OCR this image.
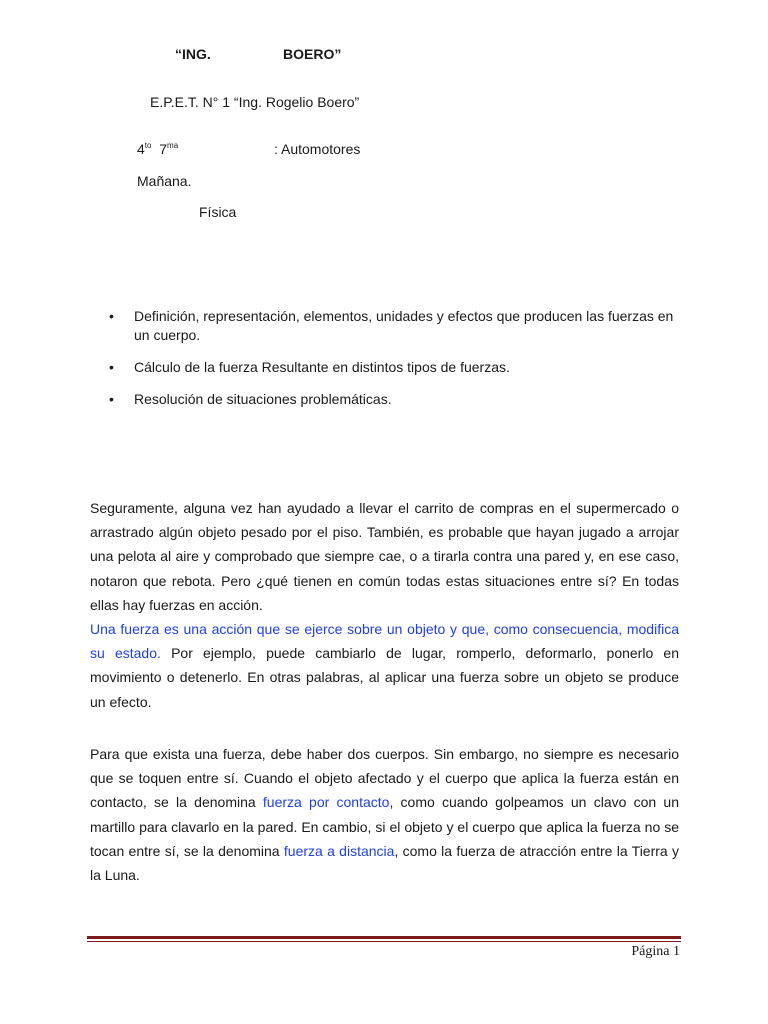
“ING.	BOERO”
E.P.E.T. N° 1 “Ing. Rogelio Boero”
$4^{to}$ $7^{ma}$	: Automotores
Mañana.
Física
• Definición, representación, elementos, unidades y efectos que producen las fuerzas en un cuerpo.
• Cálculo de la fuerza Resultante en distintos tipos de fuerzas.
• Resolución de situaciones problemáticas.
Seguramente, alguna vez han ayudado a llevar el carrito de compras en el supermercado o arrastrado algún objeto pesado por el piso. También, es probable que hayan jugado a arrojar una pelota al aire y comprobado que siempre cae, o a tirarla contra una pared y, en ese caso, notaron que rebota. Pero ¿qué tienen en común todas estas situaciones entre sí? En todas ellas hay fuerzas en acción.
Una fuerza es una acción que se ejerce sobre un objeto y que, como consecuencia, modifica su estado. Por ejemplo, puede cambiarlo de lugar, romperlo, deformarlo, ponerlo en movimiento o detenerlo. En otras palabras, al aplicar una fuerza sobre un objeto se produce un efecto.
Para que exista una fuerza, debe haber dos cuerpos. Sin embargo, no siempre es necesario que se toquen entre sí. Cuando el objeto afectado y el cuerpo que aplica la fuerza están en contacto, se la denomina fuerza por contacto, como cuando golpeamos un clavo con un martillo para clavarlo en la pared. En cambio, si el objeto y el cuerpo que aplica la fuerza no se tocan entre sí, se la denomina fuerza a distancia, como la fuerza de atracción entre la Tierra y la Luna.
Página 1
